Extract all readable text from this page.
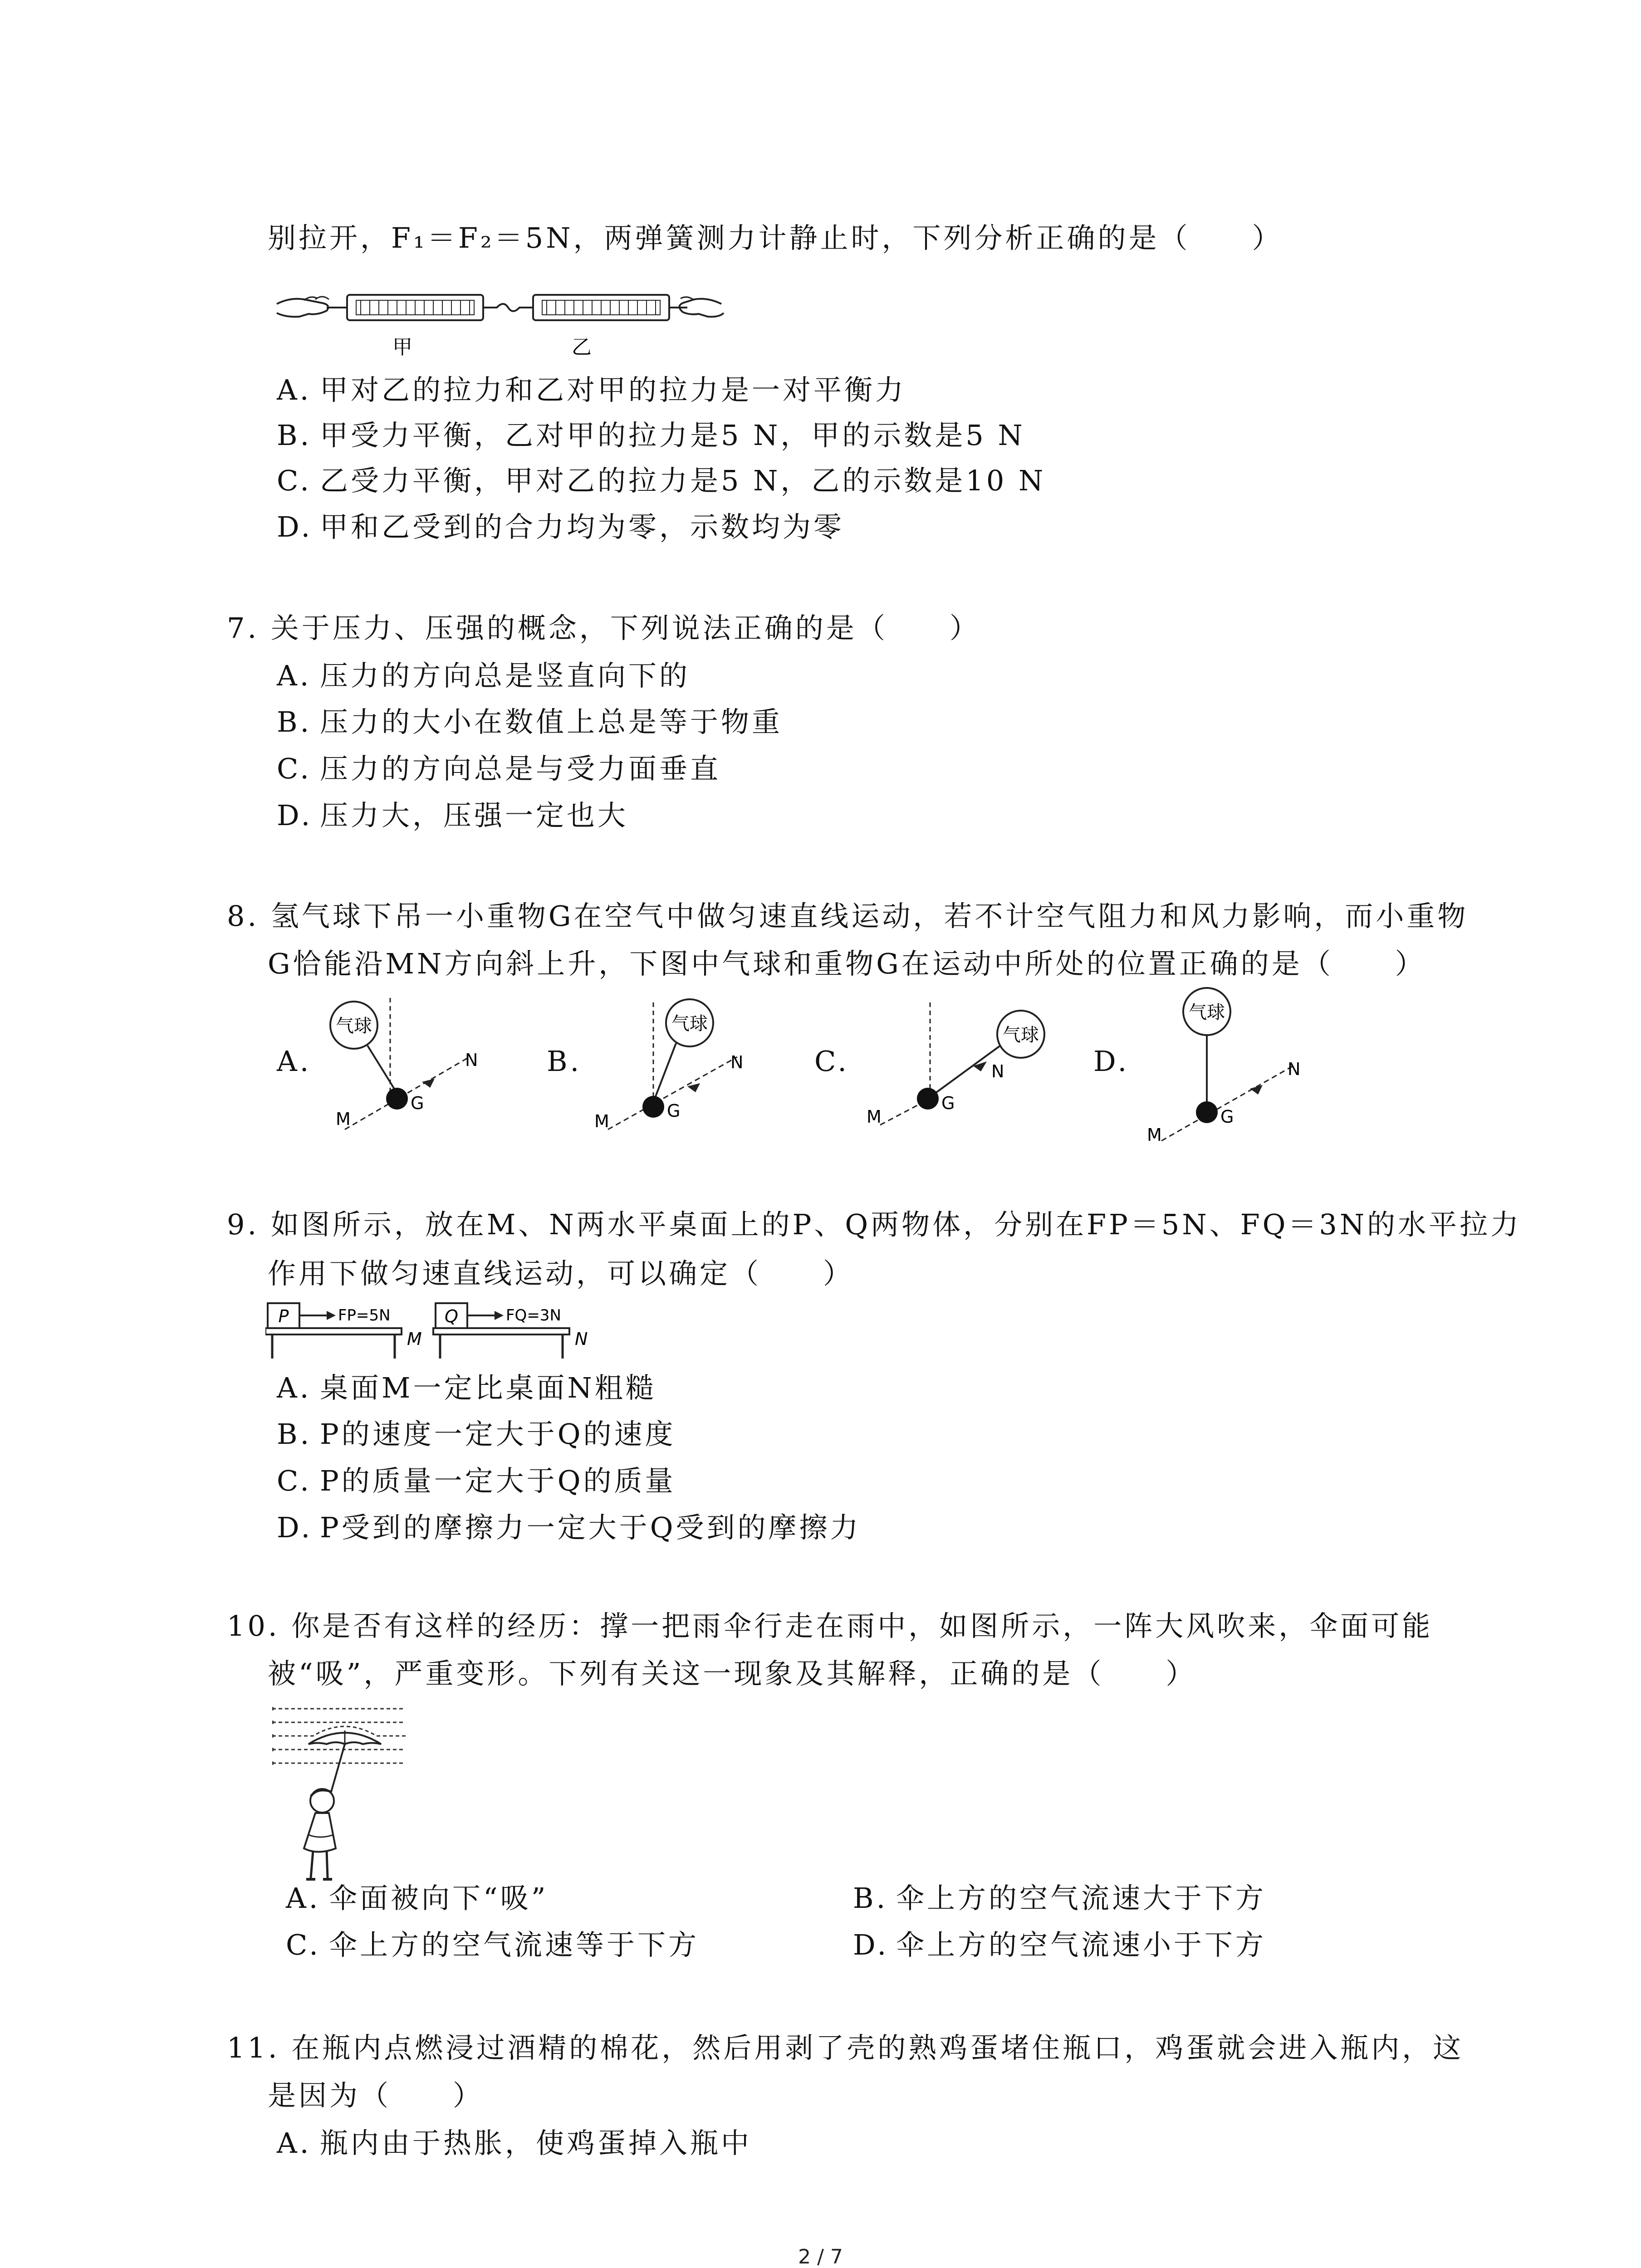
别拉开，F₁＝F₂＝5N，两弹簧测力计静止时，下列分析正确的是（　　）
甲	乙
A. 甲对乙的拉力和乙对甲的拉力是一对平衡力
B. 甲受力平衡，乙对甲的拉力是5 N，甲的示数是5 N
C. 乙受力平衡，甲对乙的拉力是5 N，乙的示数是10 N
D. 甲和乙受到的合力均为零，示数均为零
7. 关于压力、压强的概念，下列说法正确的是（　　）
A. 压力的方向总是竖直向下的
B. 压力的大小在数值上总是等于物重
C. 压力的方向总是与受力面垂直
D. 压力大，压强一定也大
8. 氢气球下吊一小重物G在空气中做匀速直线运动，若不计空气阻力和风力影响，而小重物
G恰能沿MN方向斜上升，下图中气球和重物G在运动中所处的位置正确的是（　　）
A.
气球
G
M
N B.
气球
G
M
N	C.
气球
G
M
N	D.
气球
G
M
N
9. 如图所示，放在M、N两水平桌面上的P、Q两物体，分别在FP＝5N、FQ＝3N的水平拉力
作用下做匀速直线运动，可以确定（　　）
P	FP=5N
M
Q	FQ=3N
N
A. 桌面M一定比桌面N粗糙
B. P的速度一定大于Q的速度
C. P的质量一定大于Q的质量
D. P受到的摩擦力一定大于Q受到的摩擦力
10. 你是否有这样的经历：撑一把雨伞行走在雨中，如图所示，一阵大风吹来，伞面可能
被“吸”，严重变形。下列有关这一现象及其解释，正确的是（　　）
A. 伞面被向下“吸”	B. 伞上方的空气流速大于下方
C. 伞上方的空气流速等于下方	D. 伞上方的空气流速小于下方
11. 在瓶内点燃浸过酒精的棉花，然后用剥了壳的熟鸡蛋堵住瓶口，鸡蛋就会进入瓶内，这
是因为（　　）
A. 瓶内由于热胀，使鸡蛋掉入瓶中
2 / 7
